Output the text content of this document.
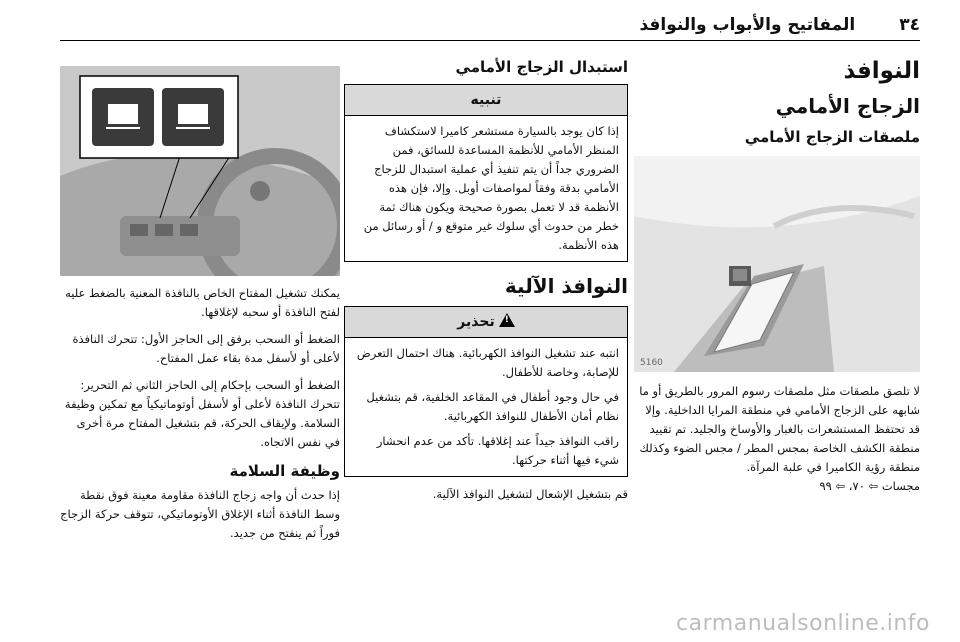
٣٤
المفاتيح والأبواب والنوافذ
النوافذ
الزجاج الأمامي
ملصقات الزجاج الأمامي
5160

لا تلصق ملصقات مثل ملصقات رسوم المرور بالطريق أو ما شابهه على الزجاج الأمامي في منطقة المرايا الداخلية. وإلا قد تحتفظ المستشعرات بالغبار والأوساخ والجليد. تم تقييد منطقة الكشف الخاصة بمجس المطر / مجس الضوء وكذلك منطقة رؤية الكاميرا في علبة المرآة.

مجسات ⇦ ٧٠، ⇦ ٩٩

استبدال الزجاج الأمامي
تنبيه

إذا كان يوجد بالسيارة مستشعر كاميرا لاستكشاف المنظر الأمامي للأنظمة المساعدة للسائق، فمن الضروري جداً أن يتم تنفيذ أي عملية استبدال للزجاج الأمامي بدقة وفقاً لمواصفات أوبل. وإلا، فإن هذه الأنظمة قد لا تعمل بصورة صحيحة ويكون هناك ثمة خطر من حدوث أي سلوك غير متوقع و / أو رسائل من هذه الأنظمة.

النوافذ الآلية
!تحذير

انتبه عند تشغيل النوافذ الكهربائية. هناك احتمال التعرض للإصابة، وخاصة للأطفال.

في حال وجود أطفال في المقاعد الخلفية، قم بتشغيل نظام أمان الأطفال للنوافذ الكهربائية.

راقب النوافذ جيداً عند إغلاقها. تأكد من عدم انحشار شيء فيها أثناء حركتها.

قم بتشغيل الإشعال لتشغيل النوافذ الآلية.

يمكنك تشغيل المفتاح الخاص بالنافذة المعنية بالضغط عليه لفتح النافذة أو سحبه لإغلاقها.

الضغط أو السحب برفق إلى الحاجز الأول: تتحرك النافذة لأعلى أو لأسفل مدة بقاء عمل المفتاح.

الضغط أو السحب بإحكام إلى الحاجز الثاني ثم التحرير: تتحرك النافذة لأعلى أو لأسفل أوتوماتيكياً مع تمكين وظيفة السلامة. ولإيقاف الحركة، قم بتشغيل المفتاح مرة أخرى في نفس الاتجاه.

وظيفة السلامة

إذا حدث أن واجه زجاج النافذة مقاومة معينة فوق نقطة وسط النافذة أثناء الإغلاق الأوتوماتيكي، تتوقف حركة الزجاج فوراً ثم ينفتح من جديد.

carmanualsonline.info
